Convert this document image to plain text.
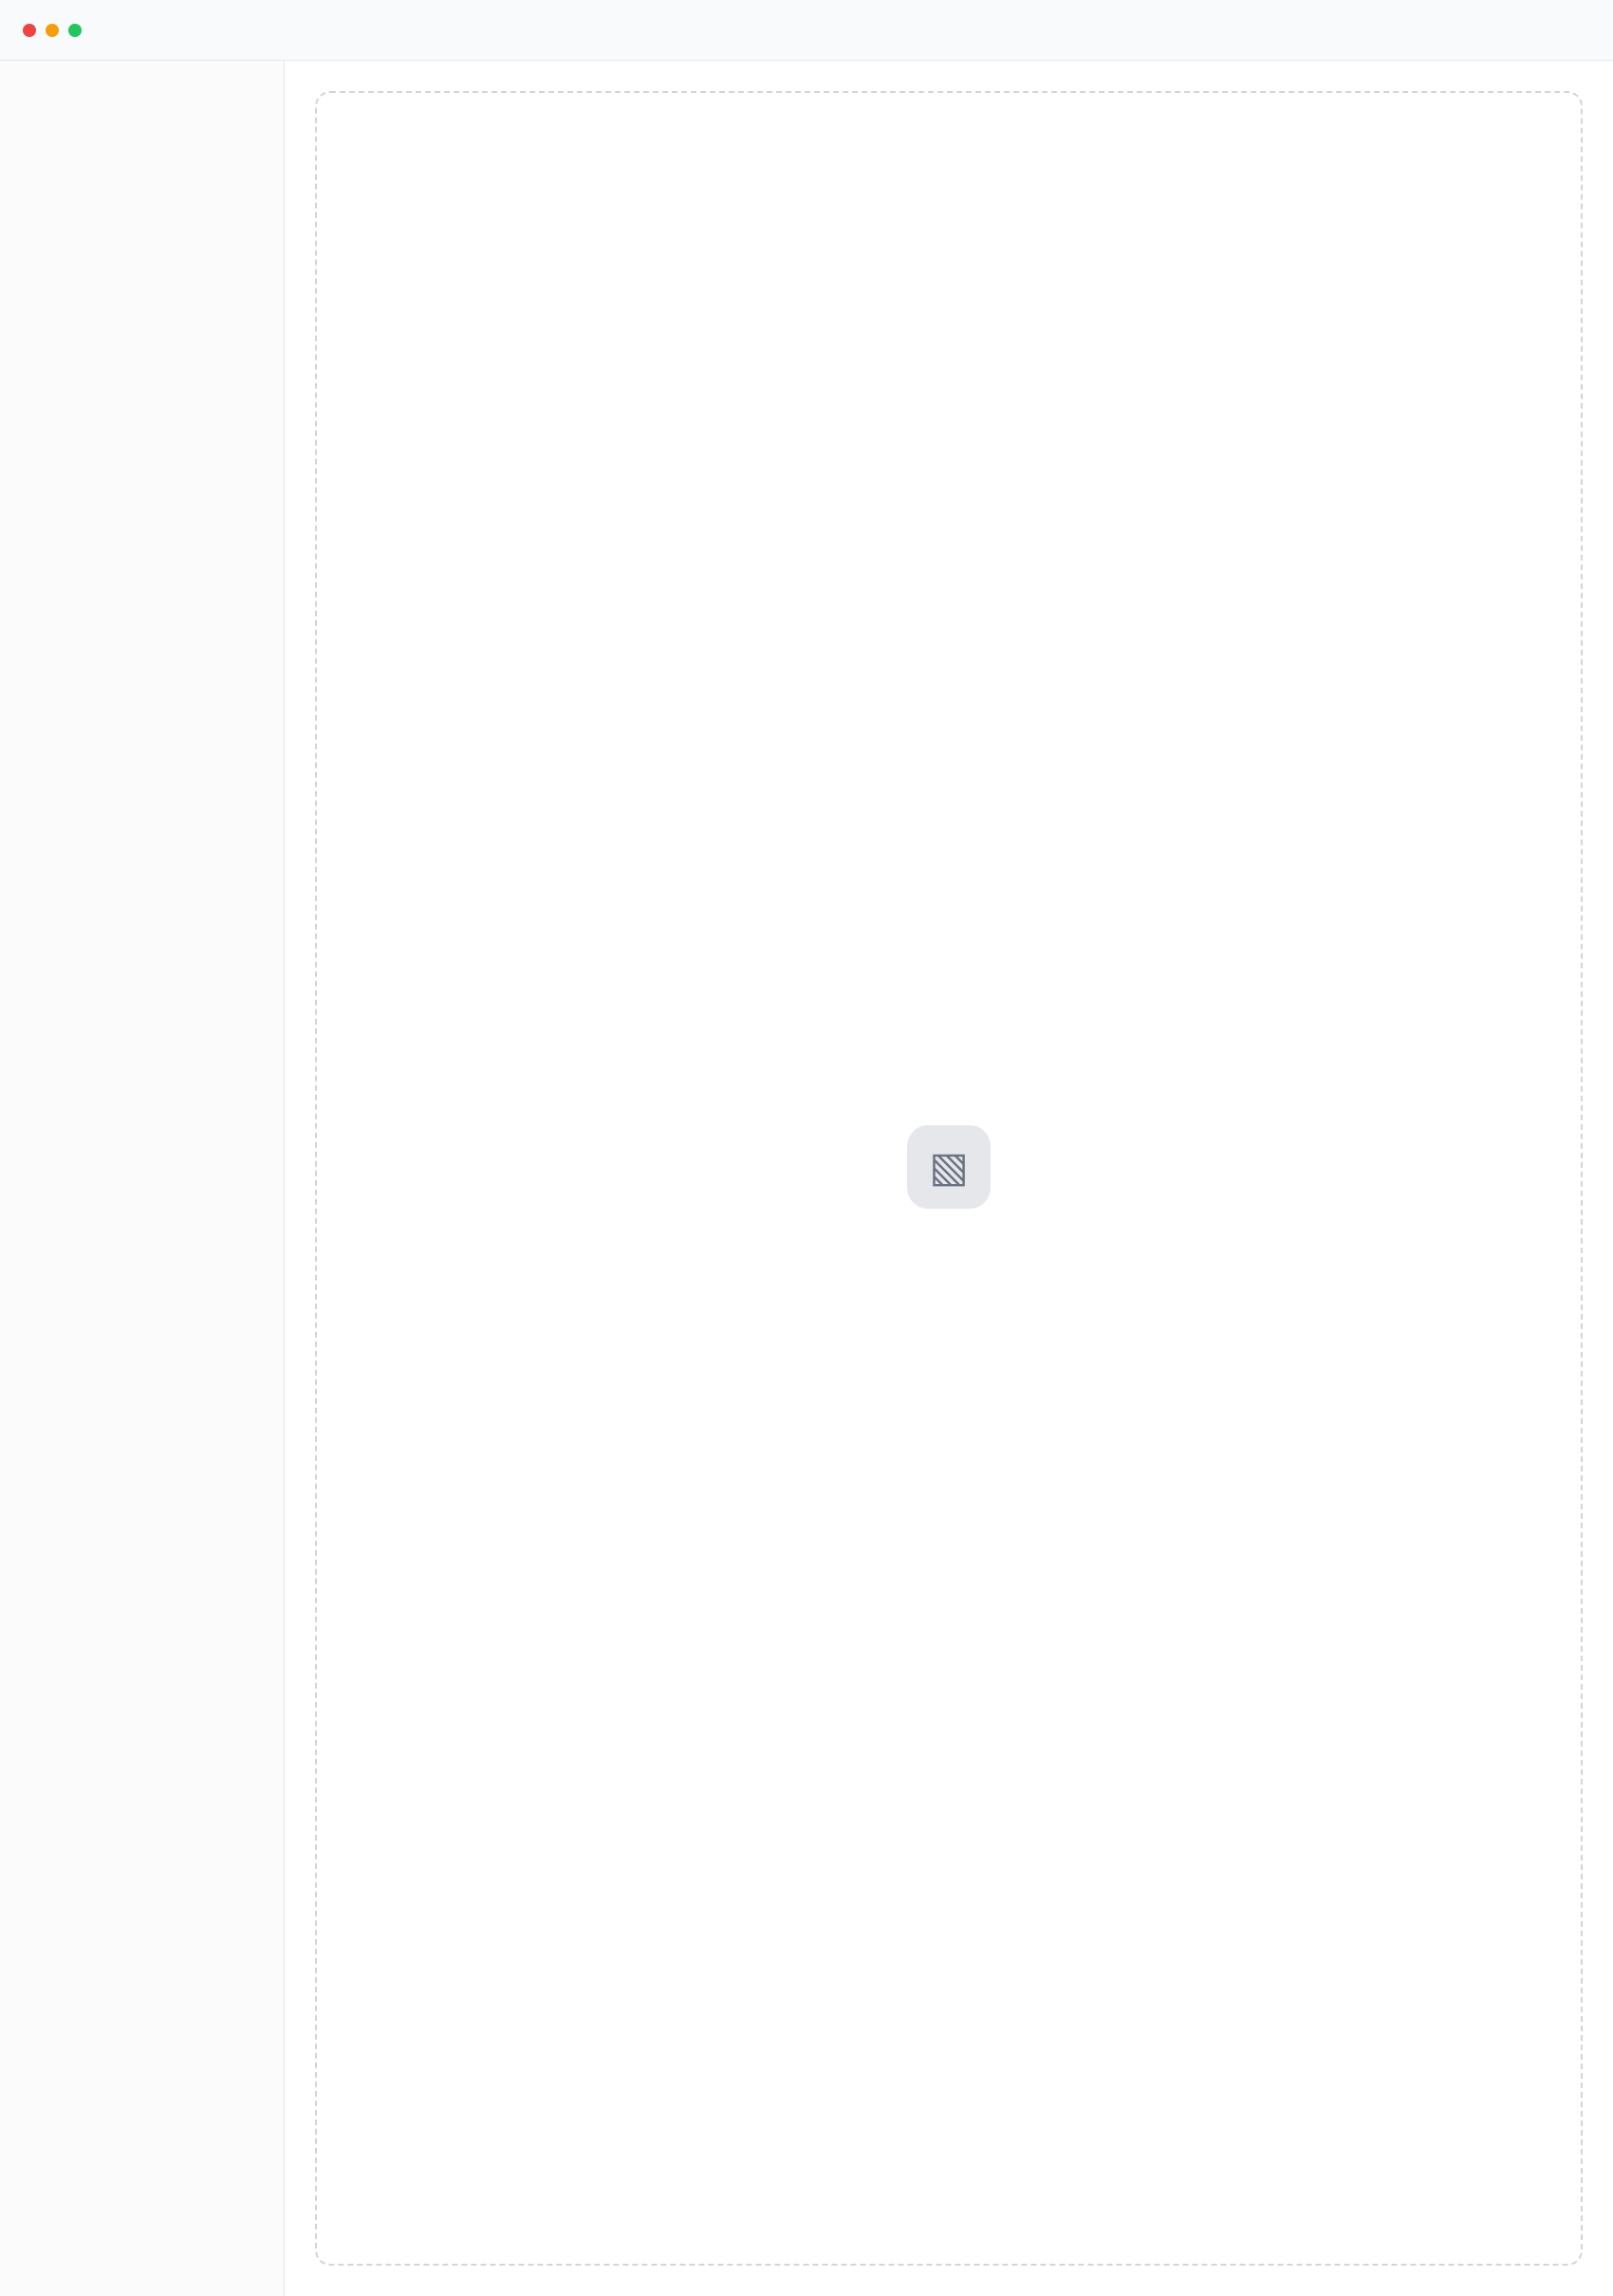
▧
